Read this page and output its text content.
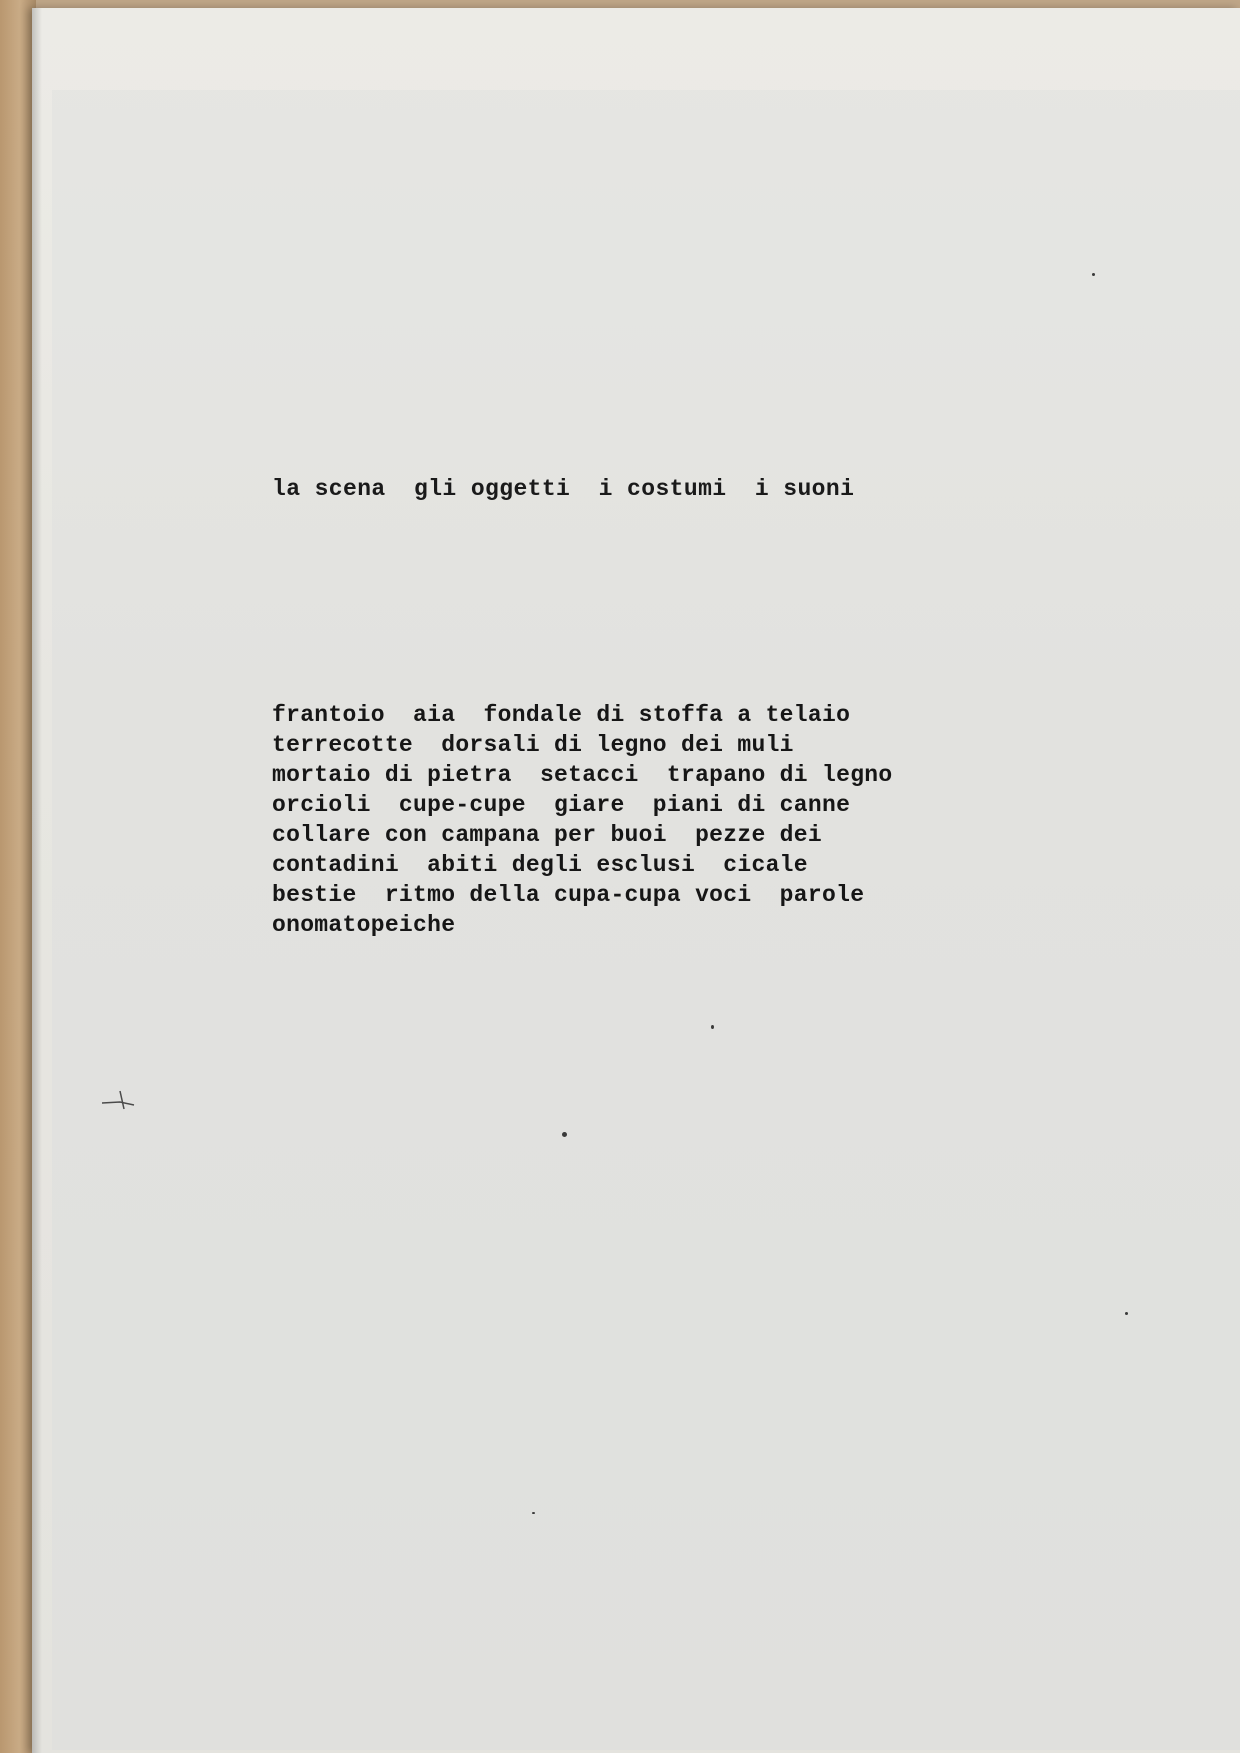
la scena  gli oggetti  i costumi  i suoni

frantoio  aia  fondale di stoffa a telaio
terrecotte  dorsali di legno dei muli
mortaio di pietra  setacci  trapano di legno
orcioli  cupe-cupe  giare  piani di canne
collare con campana per buoi  pezze dei
contadini  abiti degli esclusi  cicale
bestie  ritmo della cupa-cupa voci  parole
onomatopeiche
